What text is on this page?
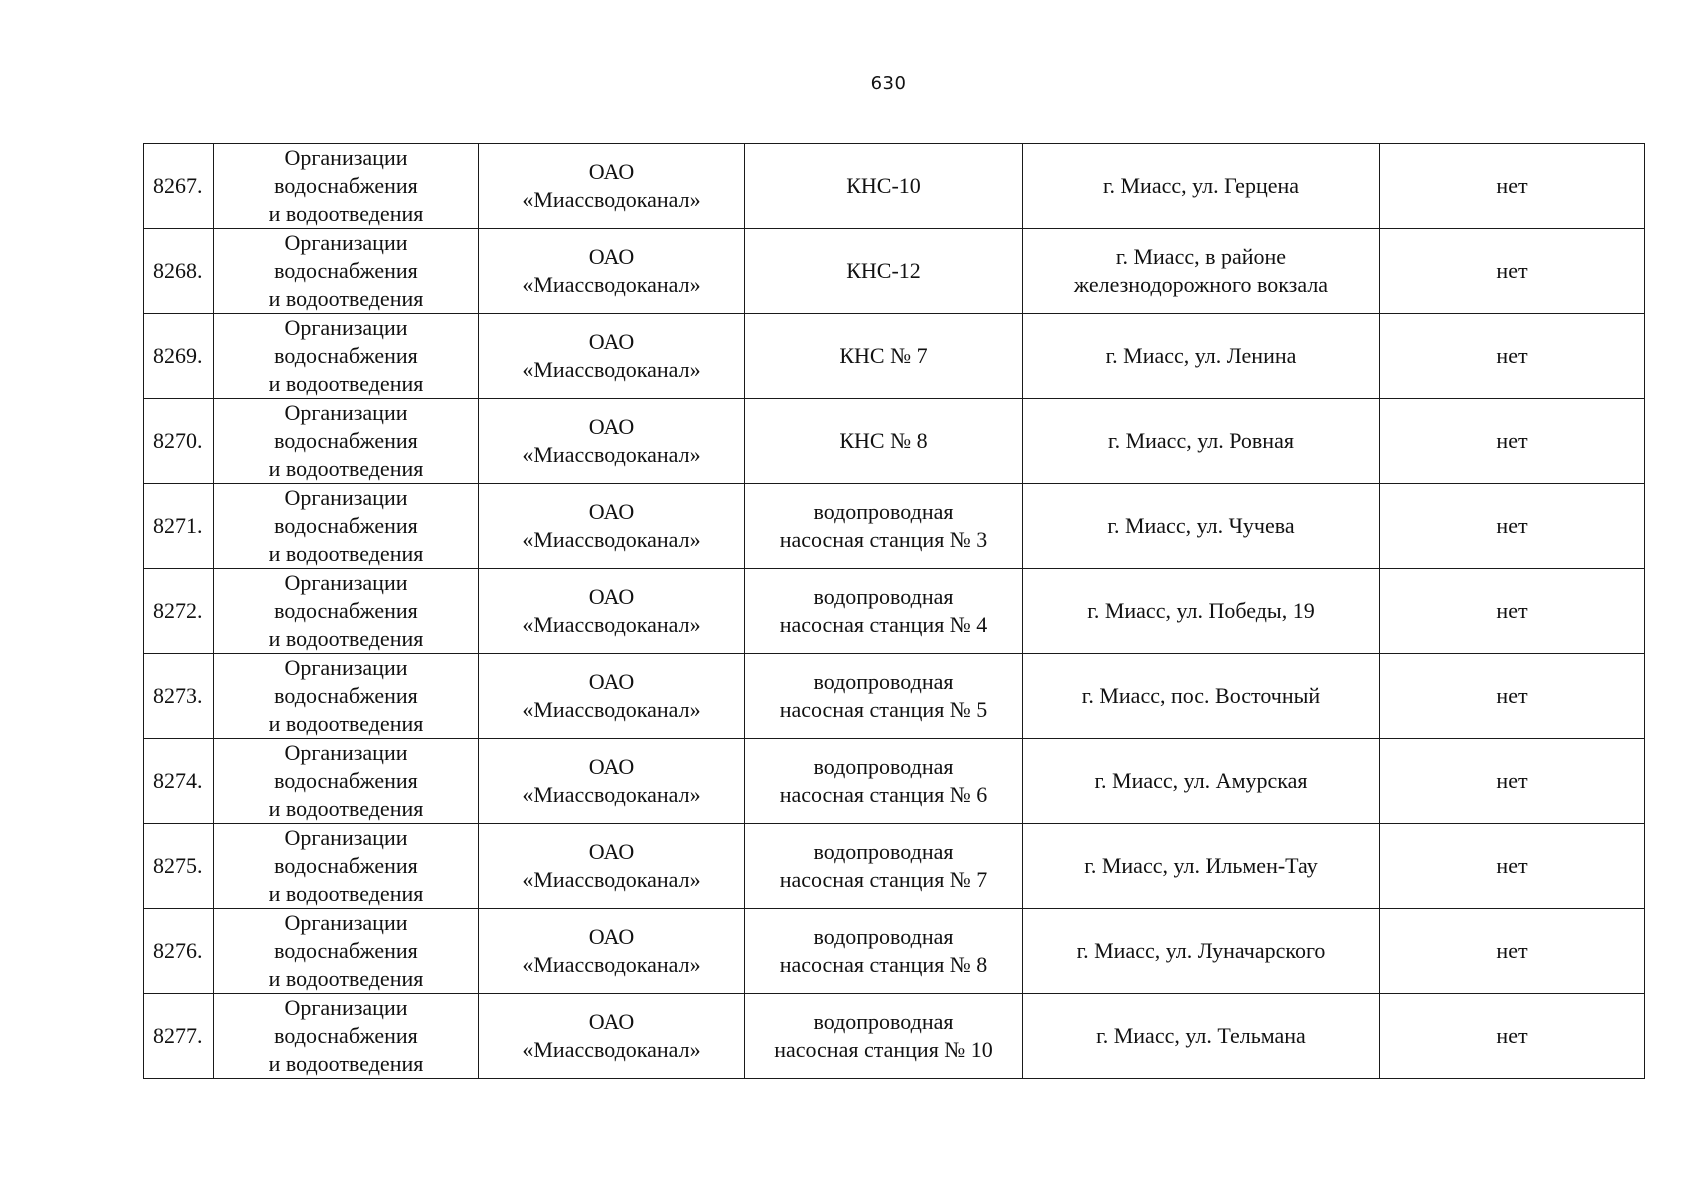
630
8267.	Организации
водоснабжения
и водоотведения	ОАО
«Миассводоканал»	КНС-10	г. Миасс, ул. Герцена	нет
8268.	Организации
водоснабжения
и водоотведения	ОАО
«Миассводоканал»	КНС-12	г. Миасс, в районе
железнодорожного вокзала	нет
8269.	Организации
водоснабжения
и водоотведения	ОАО
«Миассводоканал»	КНС № 7	г. Миасс, ул. Ленина	нет
8270.	Организации
водоснабжения
и водоотведения	ОАО
«Миассводоканал»	КНС № 8	г. Миасс, ул. Ровная	нет
8271.	Организации
водоснабжения
и водоотведения	ОАО
«Миассводоканал»	водопроводная
насосная станция № 3	г. Миасс, ул. Чучева	нет
8272.	Организации
водоснабжения
и водоотведения	ОАО
«Миассводоканал»	водопроводная
насосная станция № 4	г. Миасс, ул. Победы, 19	нет
8273.	Организации
водоснабжения
и водоотведения	ОАО
«Миассводоканал»	водопроводная
насосная станция № 5	г. Миасс, пос. Восточный	нет
8274.	Организации
водоснабжения
и водоотведения	ОАО
«Миассводоканал»	водопроводная
насосная станция № 6	г. Миасс, ул. Амурская	нет
8275.	Организации
водоснабжения
и водоотведения	ОАО
«Миассводоканал»	водопроводная
насосная станция № 7	г. Миасс, ул. Ильмен-Тау	нет
8276.	Организации
водоснабжения
и водоотведения	ОАО
«Миассводоканал»	водопроводная
насосная станция № 8	г. Миасс, ул. Луначарского	нет
8277.	Организации
водоснабжения
и водоотведения	ОАО
«Миассводоканал»	водопроводная
насосная станция № 10	г. Миасс, ул. Тельмана	нет
